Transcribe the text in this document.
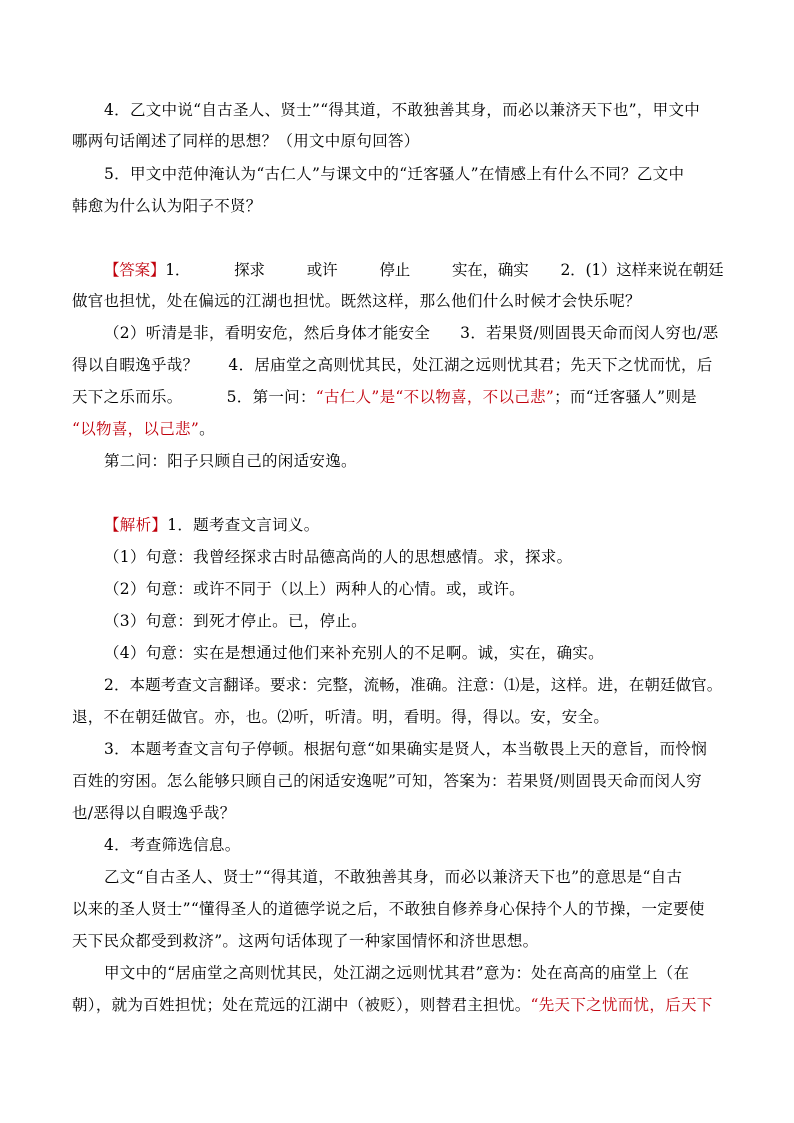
4．乙文中说“自古圣人、贤士”“得其道，不敢独善其身，而必以兼济天下也”，甲文中
哪两句话阐述了同样的思想？（用文中原句回答）
5．甲文中范仲淹认为“古仁人”与课文中的“迁客骚人”在情感上有什么不同？乙文中
韩愈为什么认为阳子不贤？
【答案】1．	探求	或许	停止	实在，确实 2．(1）这样来说在朝廷
做官也担忧，处在偏远的江湖也担忧。既然这样，那么他们什么时候才会快乐呢？
（2）听清是非，看明安危，然后身体才能安全 3．若果贤/则固畏天命而闵人穷也/恶
得以自暇逸乎哉？ 4．居庙堂之高则忧其民，处江湖之远则忧其君；先天下之忧而忧，后
天下之乐而乐。	5．第一问：“古仁人”是“不以物喜，不以己悲”；而“迁客骚人”则是
“以物喜，以己悲”。
第二问：阳子只顾自己的闲适安逸。
【解析】1．题考查文言词义。
（1）句意：我曾经探求古时品德高尚的人的思想感情。求，探求。
（2）句意：或许不同于（以上）两种人的心情。或，或许。
（3）句意：到死才停止。已，停止。
（4）句意：实在是想通过他们来补充别人的不足啊。诚，实在，确实。
2．本题考查文言翻译。要求：完整，流畅，准确。注意：⑴是，这样。进，在朝廷做官。
退，不在朝廷做官。亦，也。⑵听，听清。明，看明。得，得以。安，安全。
3．本题考查文言句子停顿。根据句意“如果确实是贤人，本当敬畏上天的意旨，而怜悯
百姓的穷困。怎么能够只顾自己的闲适安逸呢”可知，答案为：若果贤/则固畏天命而闵人穷
也/恶得以自暇逸乎哉？
4．考查筛选信息。
乙文“自古圣人、贤士”“得其道，不敢独善其身，而必以兼济天下也”的意思是“自古
以来的圣人贤士”“懂得圣人的道德学说之后，不敢独自修养身心保持个人的节操，一定要使
天下民众都受到救济”。这两句话体现了一种家国情怀和济世思想。
甲文中的“居庙堂之高则忧其民，处江湖之远则忧其君”意为：处在高高的庙堂上（在
朝），就为百姓担忧；处在荒远的江湖中（被贬），则替君主担忧。“先天下之忧而忧，后天下
